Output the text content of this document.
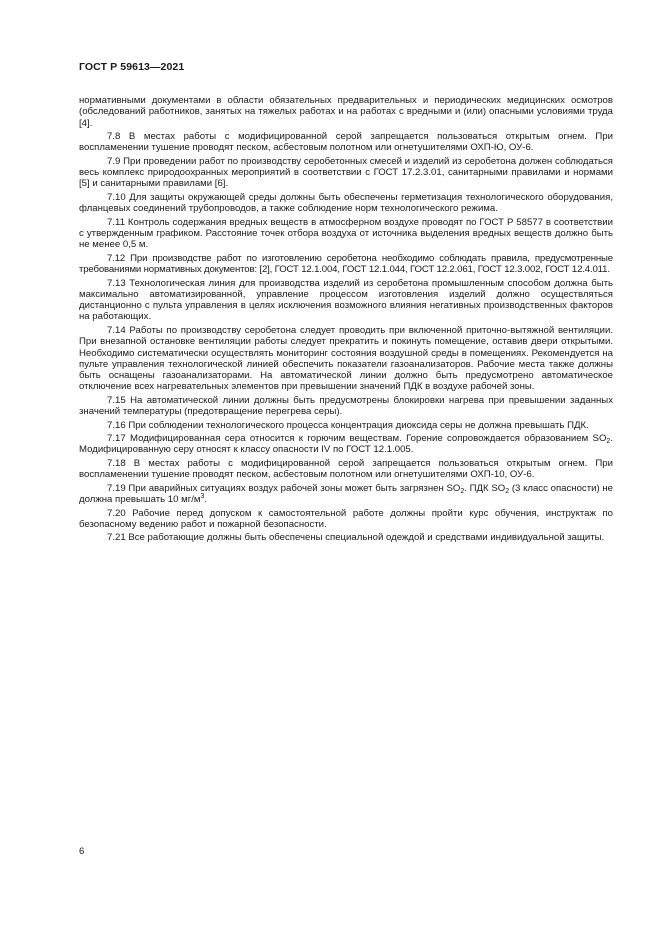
ГОСТ Р 59613—2021

нормативными документами в области обязательных предварительных и периодических медицинских осмотров (обследований работников, занятых на тяжелых работах и на работах с вредными и (или) опасными условиями труда [4].

7.8 В местах работы с модифицированной серой запрещается пользоваться открытым огнем. При воспламенении тушение проводят песком, асбестовым полотном или огнетушителями ОХП-Ю, ОУ-6.

7.9 При проведении работ по производству серобетонных смесей и изделий из серобетона должен соблюдаться весь комплекс природоохранных мероприятий в соответствии с ГОСТ 17.2.3.01, санитарными правилами и нормами [5] и санитарными правилами [6].

7.10 Для защиты окружающей среды должны быть обеспечены герметизация технологического оборудования, фланцевых соединений трубопроводов, а также соблюдение норм технологического режима.

7.11 Контроль содержания вредных веществ в атмосферном воздухе проводят по ГОСТ Р 58577 в соответствии с утвержденным графиком. Расстояние точек отбора воздуха от источника выделения вредных веществ должно быть не менее 0,5 м.

7.12 При производстве работ по изготовлению серобетона необходимо соблюдать правила, предусмотренные требованиями нормативных документов: [2], ГОСТ 12.1.004, ГОСТ 12.1.044, ГОСТ 12.2.061, ГОСТ 12.3.002, ГОСТ 12.4.011.

7.13 Технологическая линия для производства изделий из серобетона промышленным способом должна быть максимально автоматизированной, управление процессом изготовления изделий должно осуществляться дистанционно с пульта управления в целях исключения возможного влияния негативных производственных факторов на работающих.

7.14 Работы по производству серобетона следует проводить при включенной приточно-вытяжной вентиляции. При внезапной остановке вентиляции работы следует прекратить и покинуть помещение, оставив двери открытыми. Необходимо систематически осуществлять мониторинг состояния воздушной среды в помещениях. Рекомендуется на пульте управления технологической линией обеспечить показатели газоанализаторов. Рабочие места также должны быть оснащены газоанализаторами. На автоматической линии должно быть предусмотрено автоматическое отключение всех нагревательных элементов при превышении значений ПДК в воздухе рабочей зоны.

7.15 На автоматической линии должны быть предусмотрены блокировки нагрева при превышении заданных значений температуры (предотвращение перегрева серы).

7.16 При соблюдении технологического процесса концентрация диоксида серы не должна превышать ПДК.

7.17 Модифицированная сера относится к горючим веществам. Горение сопровождается образованием $SO_2$. Модифицированную серу относят к классу опасности IV по ГОСТ 12.1.005.

7.18 В местах работы с модифицированной серой запрещается пользоваться открытым огнем. При воспламенении тушение проводят песком, асбестовым полотном или огнетушителями ОХП-10, ОУ-6.

7.19 При аварийных ситуациях воздух рабочей зоны может быть загрязнен $SO_2$. ПДК $SO_2$ (3 класс опасности) не должна превышать 10 $мг/м^3$.

7.20 Рабочие перед допуском к самостоятельной работе должны пройти курс обучения, инструктаж по безопасному ведению работ и пожарной безопасности.

7.21 Все работающие должны быть обеспечены специальной одеждой и средствами индивидуальной защиты.

6
